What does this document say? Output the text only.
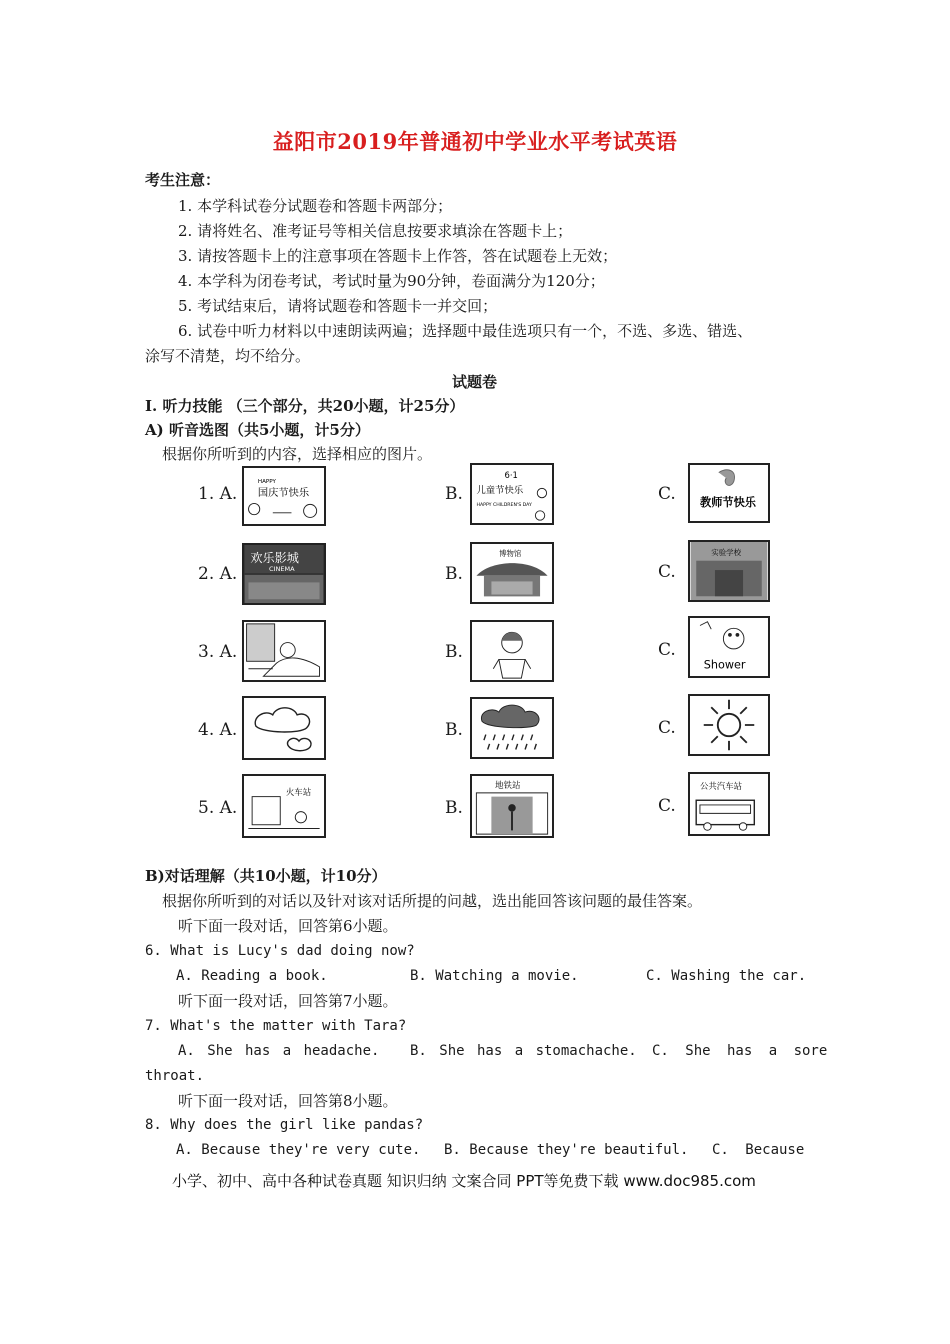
益阳市2019年普通初中学业水平考试英语
考生注意：
1. 本学科试卷分试题卷和答题卡两部分；
2. 请将姓名、准考证号等相关信息按要求填涂在答题卡上；
3. 请按答题卡上的注意事项在答题卡上作答，答在试题卷上无效；
4. 本学科为闭卷考试，考试时量为90分钟，卷面满分为120分；
5. 考试结束后，请将试题卷和答题卡一并交回；
6. 试卷中听力材料以中速朗读两遍；选择题中最佳选项只有一个，不选、多选、错选、
涂写不清楚，均不给分。
试题卷
I. 听力技能 （三个部分，共20小题，计25分）
A) 听音选图（共5小题，计5分）
根据你所听到的内容，选择相应的图片。
1. A.
HAPPY
国庆节快乐	B.
6·1
儿童节快乐
HAPPY CHILDREN'S DAY
C. 教师节快乐
2. A.
欢乐影城
CINEMA	B.
博物馆
C.
实验学校
3. A.	B.	C.
Shower
4. A.	B.	C.
5. A.
火车站
B.
地铁站
C.
公共汽车站
B)对话理解（共10小题，计10分）
根据你所听到的对话以及针对该对话所提的问越，选出能回答该问题的最佳答案。
听下面一段对话，回答第6小题。
6. What is Lucy's dad doing now?
A. Reading a book.	B. Watching a movie.	C. Washing the car.
听下面一段对话，回答第7小题。
7. What's the matter with Tara?
A. She has a headache. B. She has a stomachache. C. She has a sore
throat.
听下面一段对话，回答第8小题。
8. Why does the girl like pandas?
A. Because they're very cute. B. Because they're beautiful. C. Because
小学、初中、高中各种试卷真题 知识归纳 文案合同 PPT等免费下载 www.doc985.com
